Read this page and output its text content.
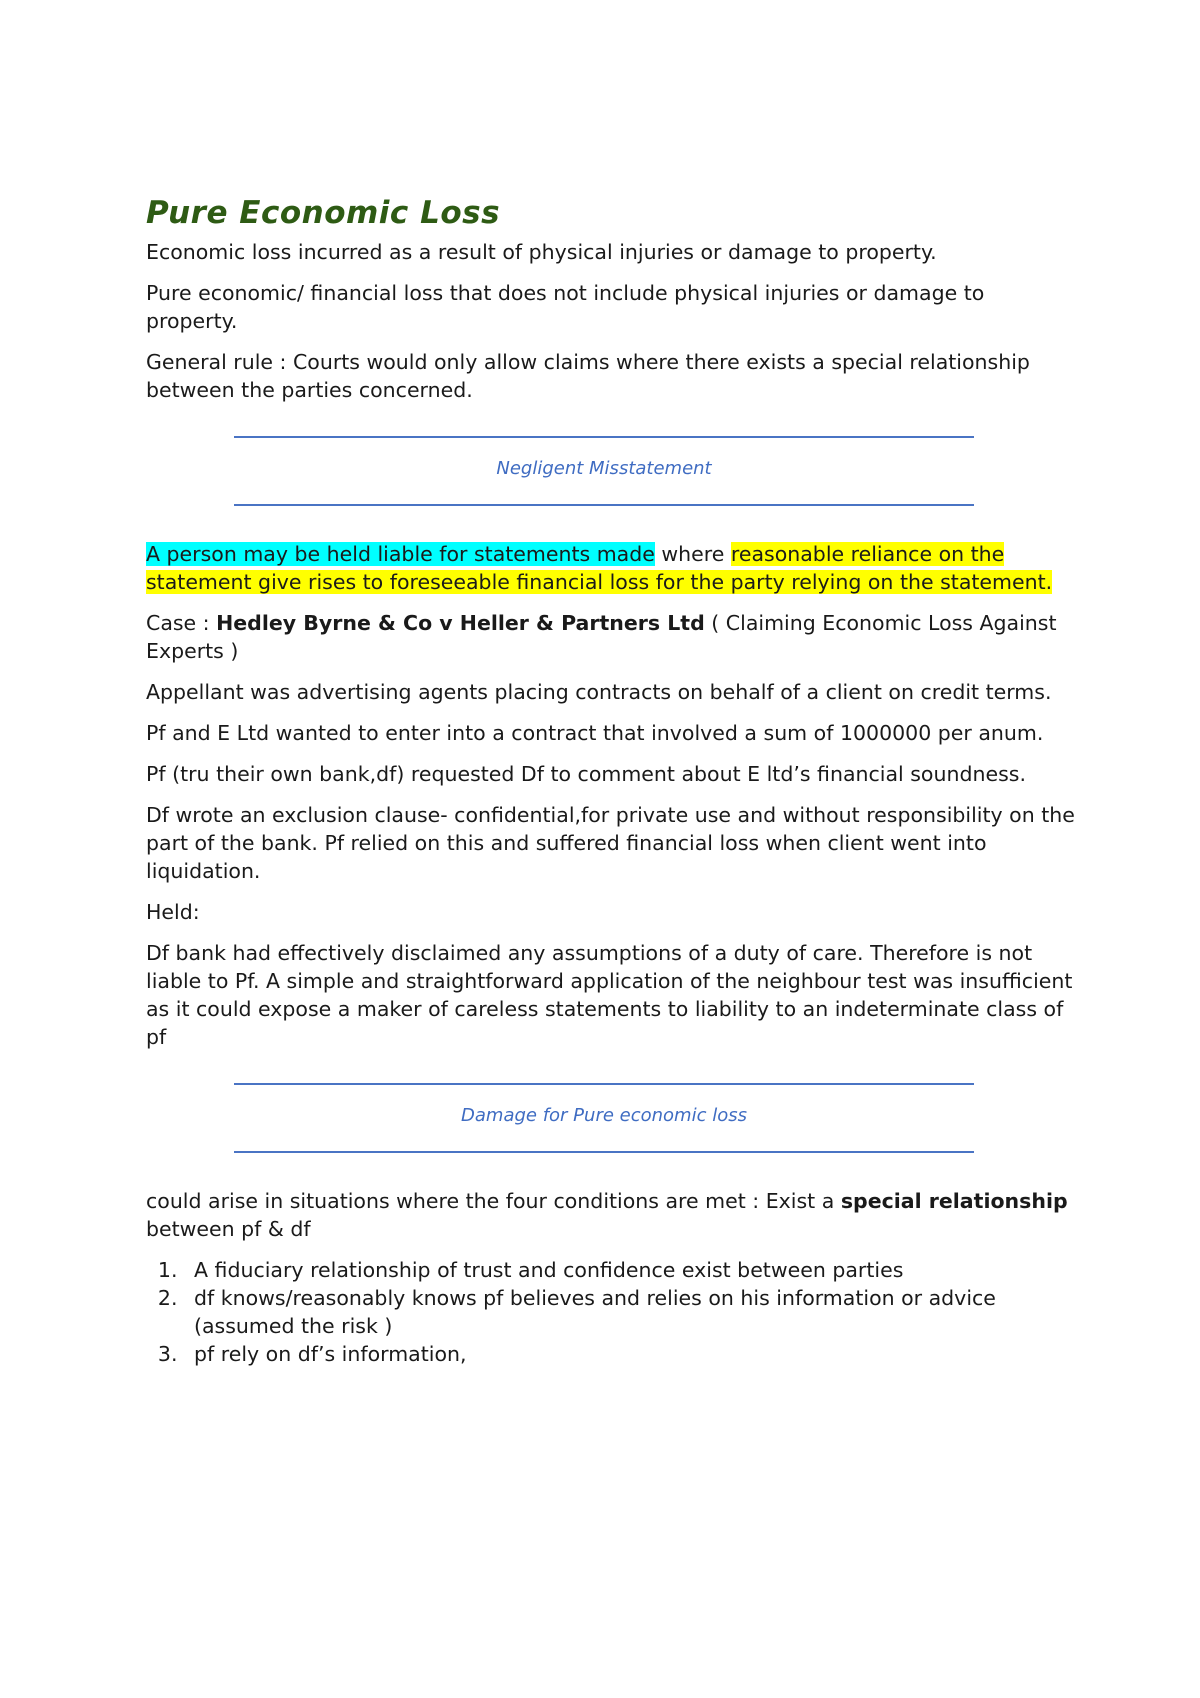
Pure Economic Loss

Economic loss incurred as a result of physical injuries or damage to property.

Pure economic/ financial loss that does not include physical injuries or damage to property.

General rule : Courts would only allow claims where there exists a special relationship between the parties concerned.

Negligent Misstatement

A person may be held liable for statements made where reasonable reliance on the statement give rises to foreseeable financial loss for the party relying on the statement.

Case : Hedley Byrne & Co v Heller & Partners Ltd ( Claiming Economic Loss Against Experts )

Appellant was advertising agents placing contracts on behalf of a client on credit terms.

Pf and E Ltd wanted to enter into a contract that involved a sum of 1000000 per anum.

Pf (tru their own bank,df) requested Df to comment about E ltd’s financial soundness.

Df wrote an exclusion clause- confidential,for private use and without responsibility on the part of the bank. Pf relied on this and suffered financial loss when client went into liquidation.

Held:

Df bank had effectively disclaimed any assumptions of a duty of care. Therefore is not liable to Pf. A simple and straightforward application of the neighbour test was insufficient as it could expose a maker of careless statements to liability to an indeterminate class of pf

Damage for Pure economic loss

could arise in situations where the four conditions are met : Exist a special relationship between pf & df

1. A fiduciary relationship of trust and confidence exist between parties
2. df knows/reasonably knows pf believes and relies on his information or advice (assumed the risk )
3. pf rely on df’s information,
